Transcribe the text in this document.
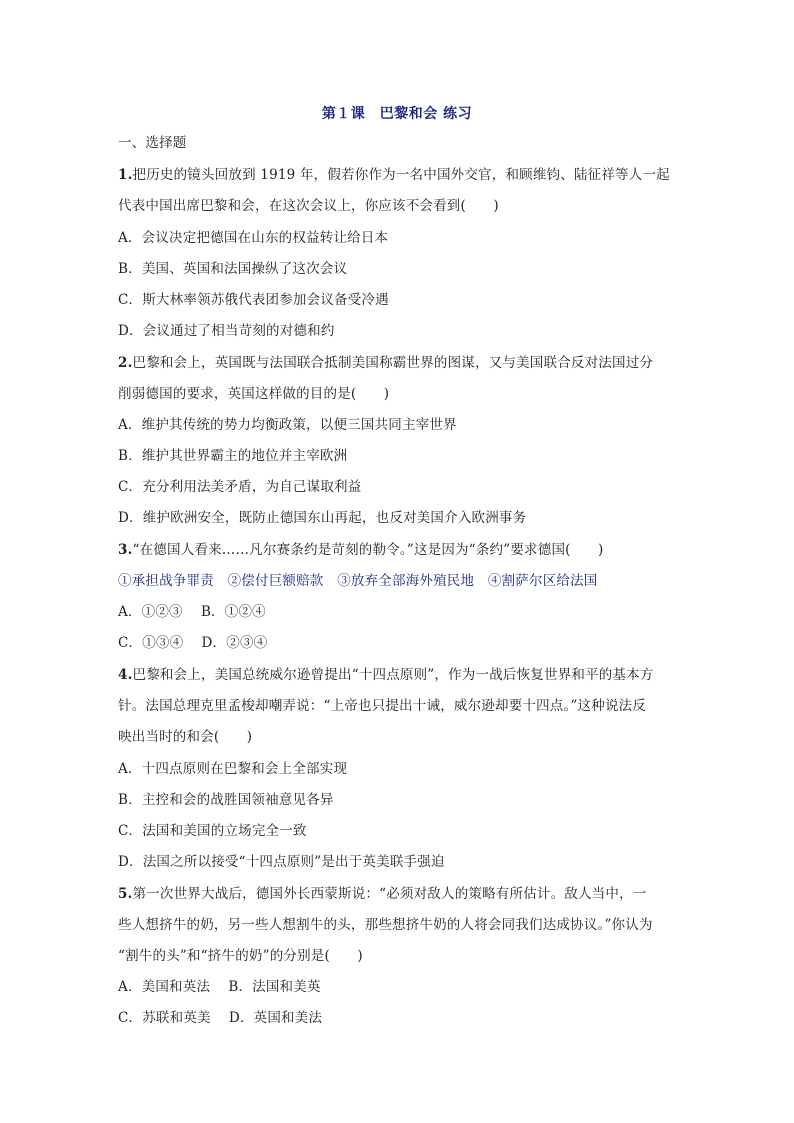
第１课　巴黎和会 练习
一、选择题
1.把历史的镜头回放到 1919 年，假若你作为一名中国外交官，和顾维钧、陆征祥等人一起
代表中国出席巴黎和会，在这次会议上，你应该不会看到(　　)
A．会议决定把德国在山东的权益转让给日本
B．美国、英国和法国操纵了这次会议
C．斯大林率领苏俄代表团参加会议备受冷遇
D．会议通过了相当苛刻的对德和约
2.巴黎和会上，英国既与法国联合抵制美国称霸世界的图谋，又与美国联合反对法国过分
削弱德国的要求，英国这样做的目的是(　　)
A．维护其传统的势力均衡政策，以便三国共同主宰世界
B．维护其世界霸主的地位并主宰欧洲
C．充分利用法美矛盾，为自己谋取利益
D．维护欧洲安全，既防止德国东山再起，也反对美国介入欧洲事务
3.“在德国人看来……凡尔赛条约是苛刻的勒令。”这是因为“条约”要求德国(　　)
①承担战争罪责　②偿付巨额赔款　③放弃全部海外殖民地　④割萨尔区给法国
A．①②③　 B．①②④
C．①③④　 D．②③④
4.巴黎和会上，美国总统威尔逊曾提出“十四点原则”，作为一战后恢复世界和平的基本方
针。法国总理克里孟梭却嘲弄说：“上帝也只提出十诫，威尔逊却要十四点。”这种说法反
映出当时的和会(　　)
A．十四点原则在巴黎和会上全部实现
B．主控和会的战胜国领袖意见各异
C．法国和美国的立场完全一致
D．法国之所以接受“十四点原则”是出于英美联手强迫
5.第一次世界大战后，德国外长西蒙斯说：“必须对敌人的策略有所估计。敌人当中，一
些人想挤牛的奶，另一些人想割牛的头，那些想挤牛奶的人将会同我们达成协议。”你认为
“割牛的头”和“挤牛的奶”的分别是(　　)
A．美国和英法　 B．法国和美英
C．苏联和英美　 D．英国和美法
